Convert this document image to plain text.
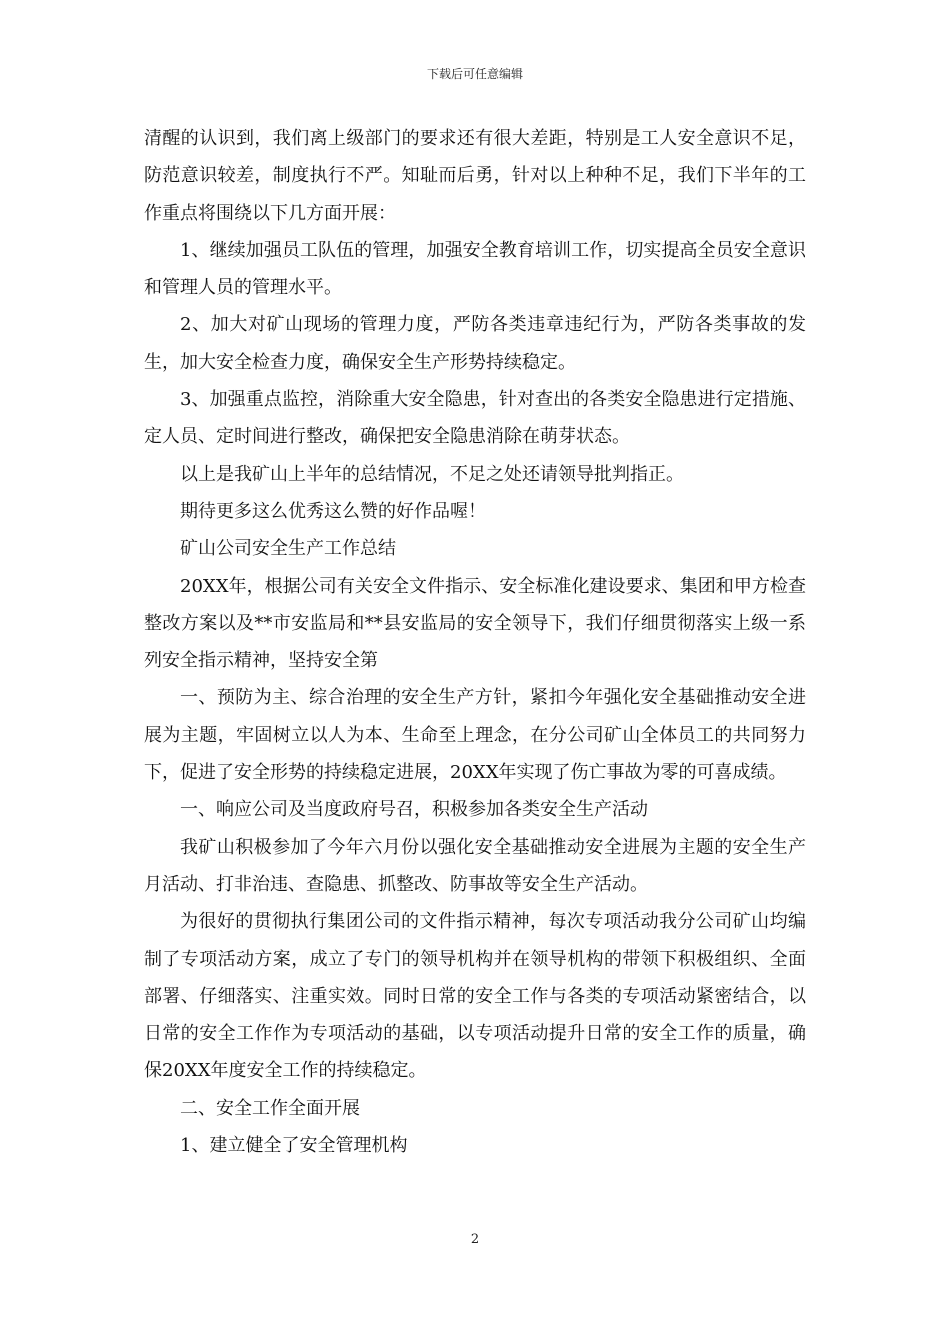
下载后可任意编辑

清醒的认识到，我们离上级部门的要求还有很大差距，特别是工人安全意识不足，防范意识较差，制度执行不严。知耻而后勇，针对以上种种不足，我们下半年的工作重点将围绕以下几方面开展：

1、继续加强员工队伍的管理，加强安全教育培训工作，切实提高全员安全意识和管理人员的管理水平。

2、加大对矿山现场的管理力度，严防各类违章违纪行为，严防各类事故的发生，加大安全检查力度，确保安全生产形势持续稳定。

3、加强重点监控，消除重大安全隐患，针对查出的各类安全隐患进行定措施、定人员、定时间进行整改，确保把安全隐患消除在萌芽状态。

以上是我矿山上半年的总结情况，不足之处还请领导批判指正。

期待更多这么优秀这么赞的好作品喔！

矿山公司安全生产工作总结

20XX年，根据公司有关安全文件指示、安全标准化建设要求、集团和甲方检查整改方案以及**市安监局和**县安监局的安全领导下，我们仔细贯彻落实上级一系列安全指示精神，坚持安全第

一、预防为主、综合治理的安全生产方针，紧扣今年强化安全基础推动安全进展为主题，牢固树立以人为本、生命至上理念，在分公司矿山全体员工的共同努力下，促进了安全形势的持续稳定进展，20XX年实现了伤亡事故为零的可喜成绩。

一、响应公司及当度政府号召，积极参加各类安全生产活动

我矿山积极参加了今年六月份以强化安全基础推动安全进展为主题的安全生产月活动、打非治违、查隐患、抓整改、防事故等安全生产活动。

为很好的贯彻执行集团公司的文件指示精神，每次专项活动我分公司矿山均编制了专项活动方案，成立了专门的领导机构并在领导机构的带领下积极组织、全面部署、仔细落实、注重实效。同时日常的安全工作与各类的专项活动紧密结合，以日常的安全工作作为专项活动的基础，以专项活动提升日常的安全工作的质量，确保20XX年度安全工作的持续稳定。

二、安全工作全面开展

1、建立健全了安全管理机构

2
